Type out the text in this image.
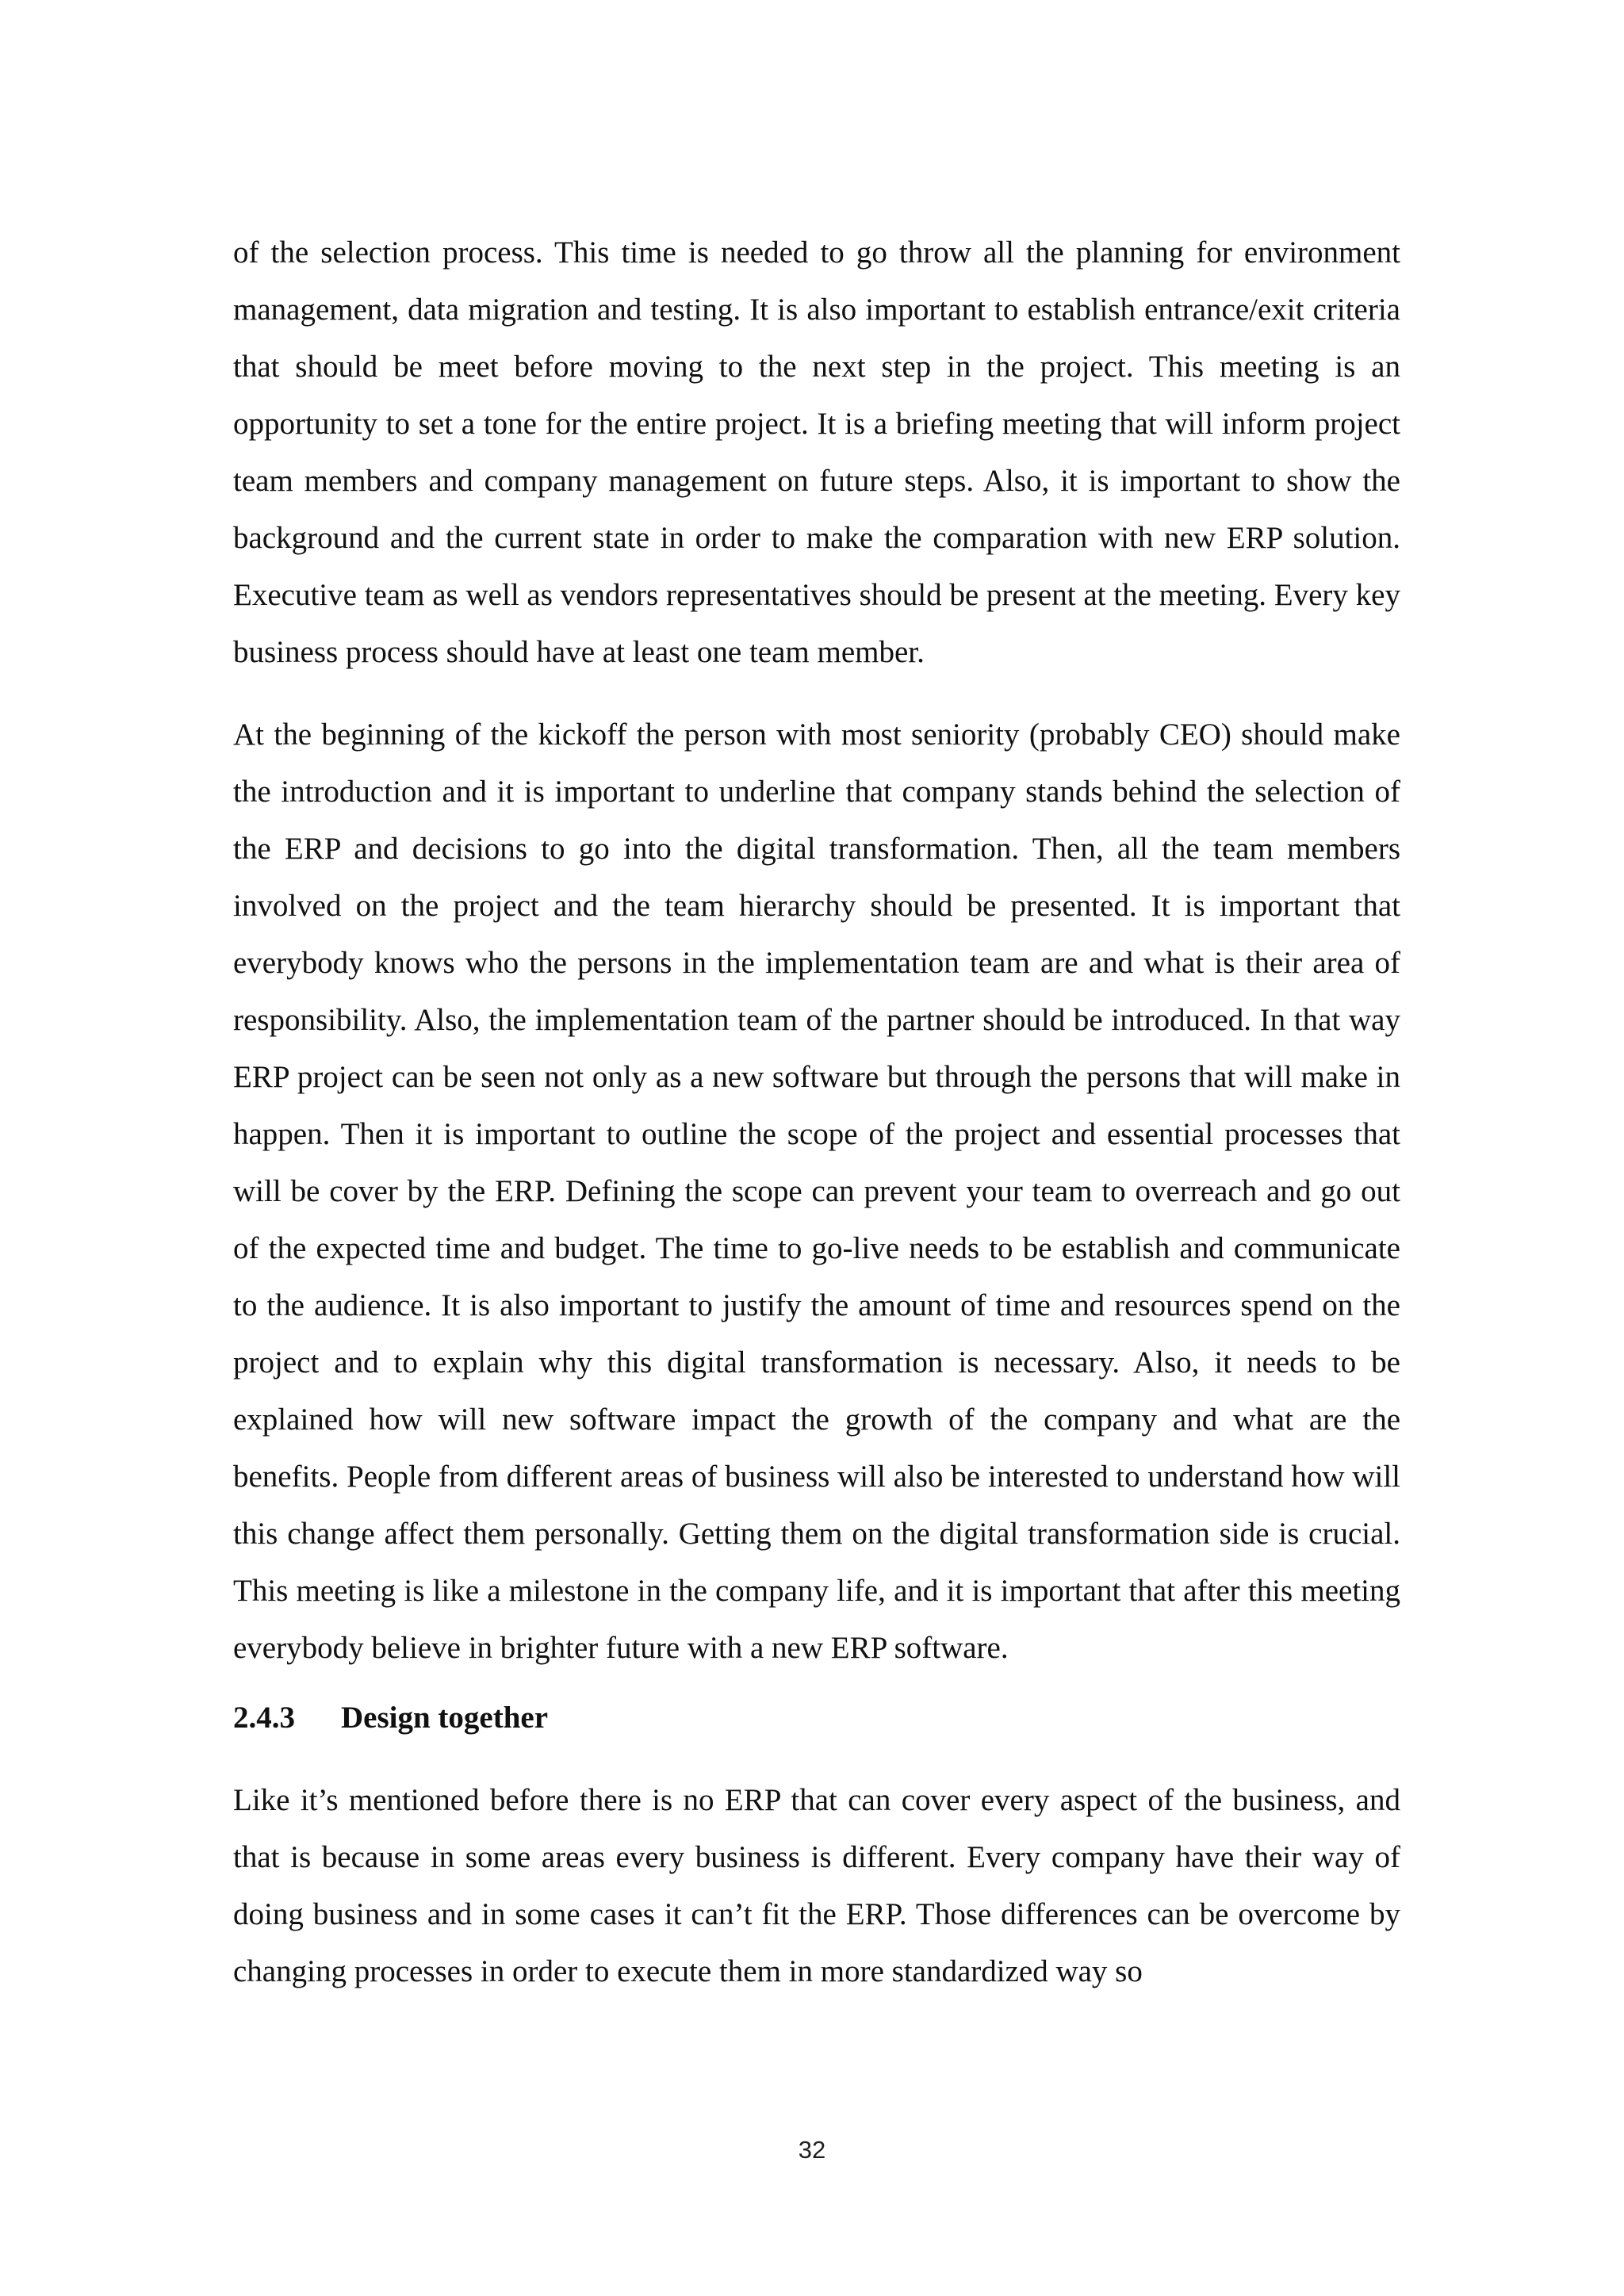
of the selection process. This time is needed to go throw all the planning for environment management, data migration and testing. It is also important to establish entrance/exit criteria that should be meet before moving to the next step in the project. This meeting is an opportunity to set a tone for the entire project. It is a briefing meeting that will inform project team members and company management on future steps. Also, it is important to show the background and the current state in order to make the comparation with new ERP solution. Executive team as well as vendors representatives should be present at the meeting. Every key business process should have at least one team member.

At the beginning of the kickoff the person with most seniority (probably CEO) should make the introduction and it is important to underline that company stands behind the selection of the ERP and decisions to go into the digital transformation. Then, all the team members involved on the project and the team hierarchy should be presented. It is important that everybody knows who the persons in the implementation team are and what is their area of responsibility. Also, the implementation team of the partner should be introduced. In that way ERP project can be seen not only as a new software but through the persons that will make in happen. Then it is important to outline the scope of the project and essential processes that will be cover by the ERP. Defining the scope can prevent your team to overreach and go out of the expected time and budget. The time to go-live needs to be establish and communicate to the audience. It is also important to justify the amount of time and resources spend on the project and to explain why this digital transformation is necessary. Also, it needs to be explained how will new software impact the growth of the company and what are the benefits. People from different areas of business will also be interested to understand how will this change affect them personally. Getting them on the digital transformation side is crucial. This meeting is like a milestone in the company life, and it is important that after this meeting everybody believe in brighter future with a new ERP software.

2.4.3 Design together

Like it’s mentioned before there is no ERP that can cover every aspect of the business, and that is because in some areas every business is different. Every company have their way of doing business and in some cases it can’t fit the ERP. Those differences can be overcome by changing processes in order to execute them in more standardized way so

32
